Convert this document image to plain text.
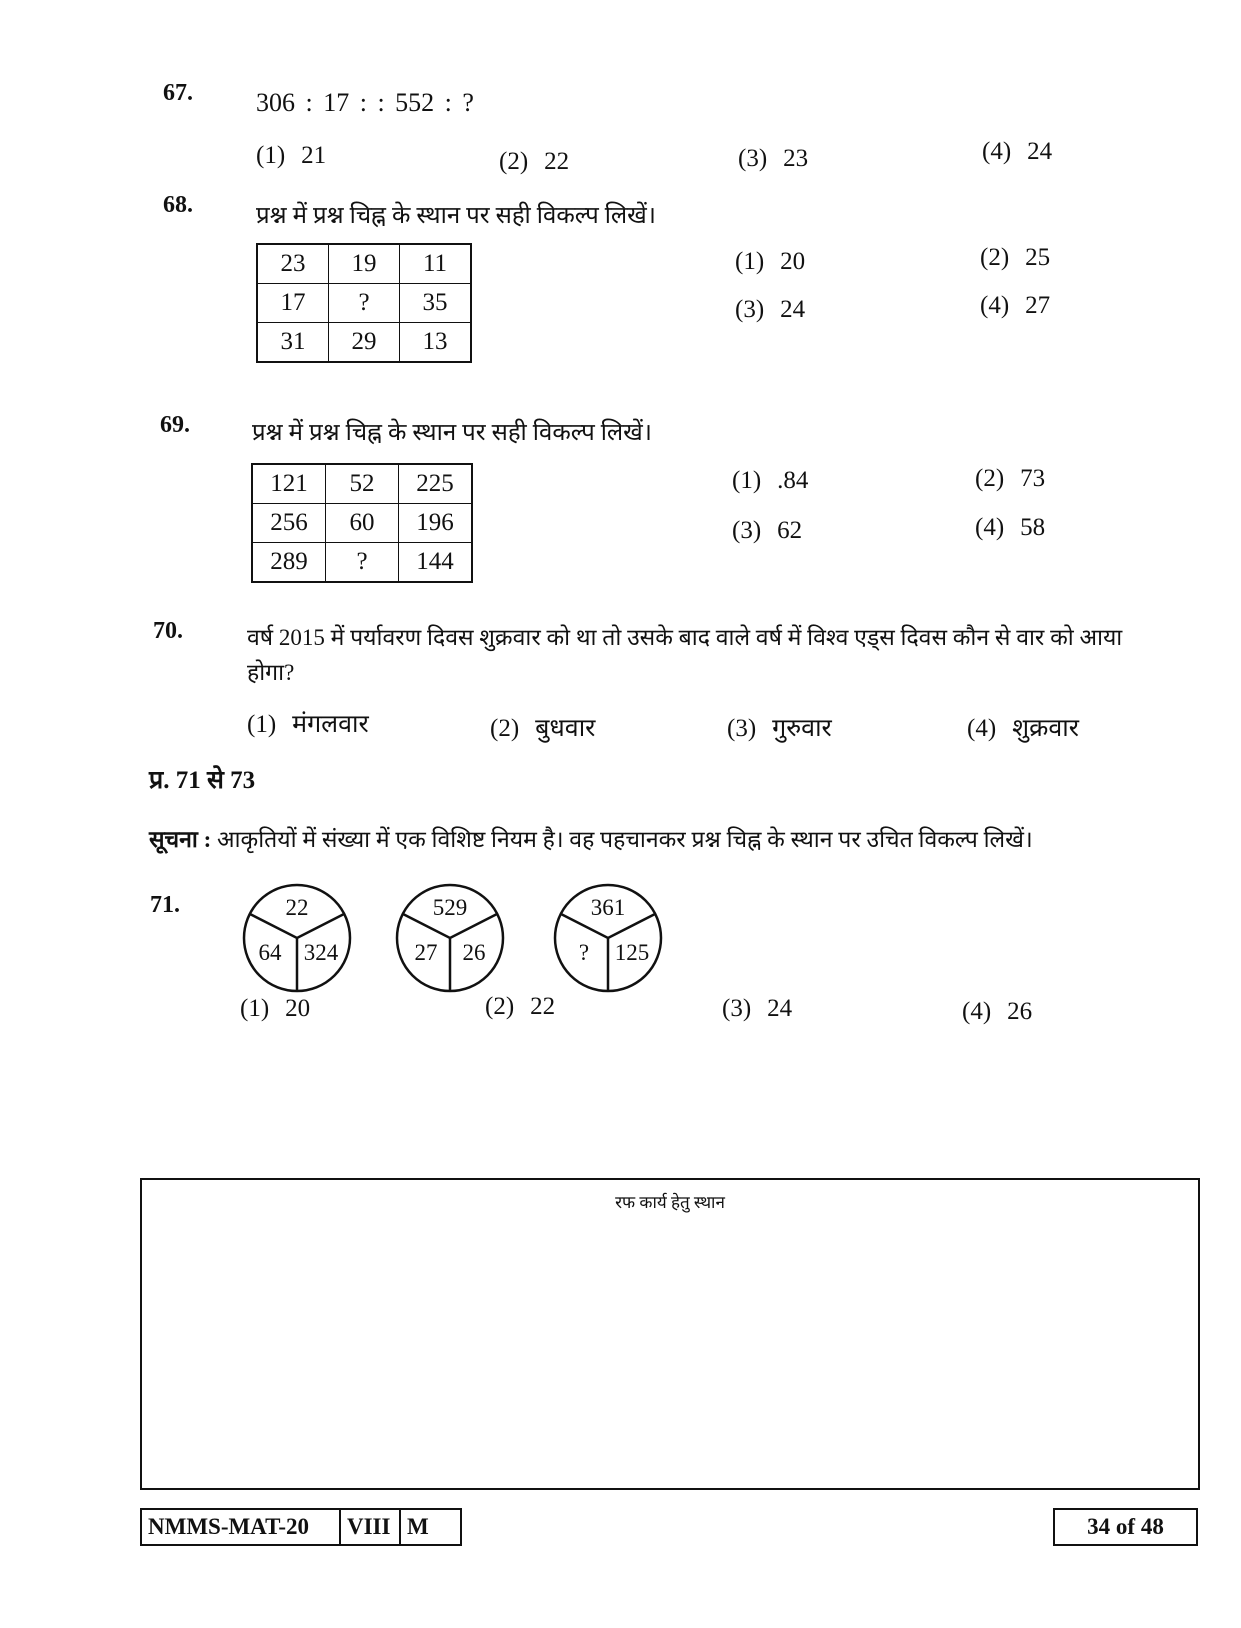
67. 306 : 17 : : 552 : ?
(1) 21	(2) 22	(3) 23	(4) 24
68.	प्रश्न में प्रश्न चिह्न के स्थान पर सही विकल्प लिखें।
23	19	11
17	?	35
31	29	13
(1) 20	(2) 25
(3) 24	(4) 27
69.	प्रश्न में प्रश्न चिह्न के स्थान पर सही विकल्प लिखें।
121	52	225
256	60	196
289	?	144
(1) .84	(2) 73
(3) 62	(4) 58
70.	वर्ष 2015 में पर्यावरण दिवस शुक्रवार को था तो उसके बाद वाले वर्ष में विश्व एड्स दिवस कौन से वार को आया
होगा?
(1) मंगलवार	(2) बुधवार	(3) गुरुवार	(4) शुक्रवार
प्र. 71 से 73
सूचना : आकृतियों में संख्या में एक विशिष्ट नियम है। वह पहचानकर प्रश्न चिह्न के स्थान पर उचित विकल्प लिखें।
71.	22
64 324
529
27 26
361
? 125
(1) 20	(2) 22	(3) 24	(4) 26
रफ कार्य हेतु स्थान
NMMS-MAT-20	VIII M	34 of 48
